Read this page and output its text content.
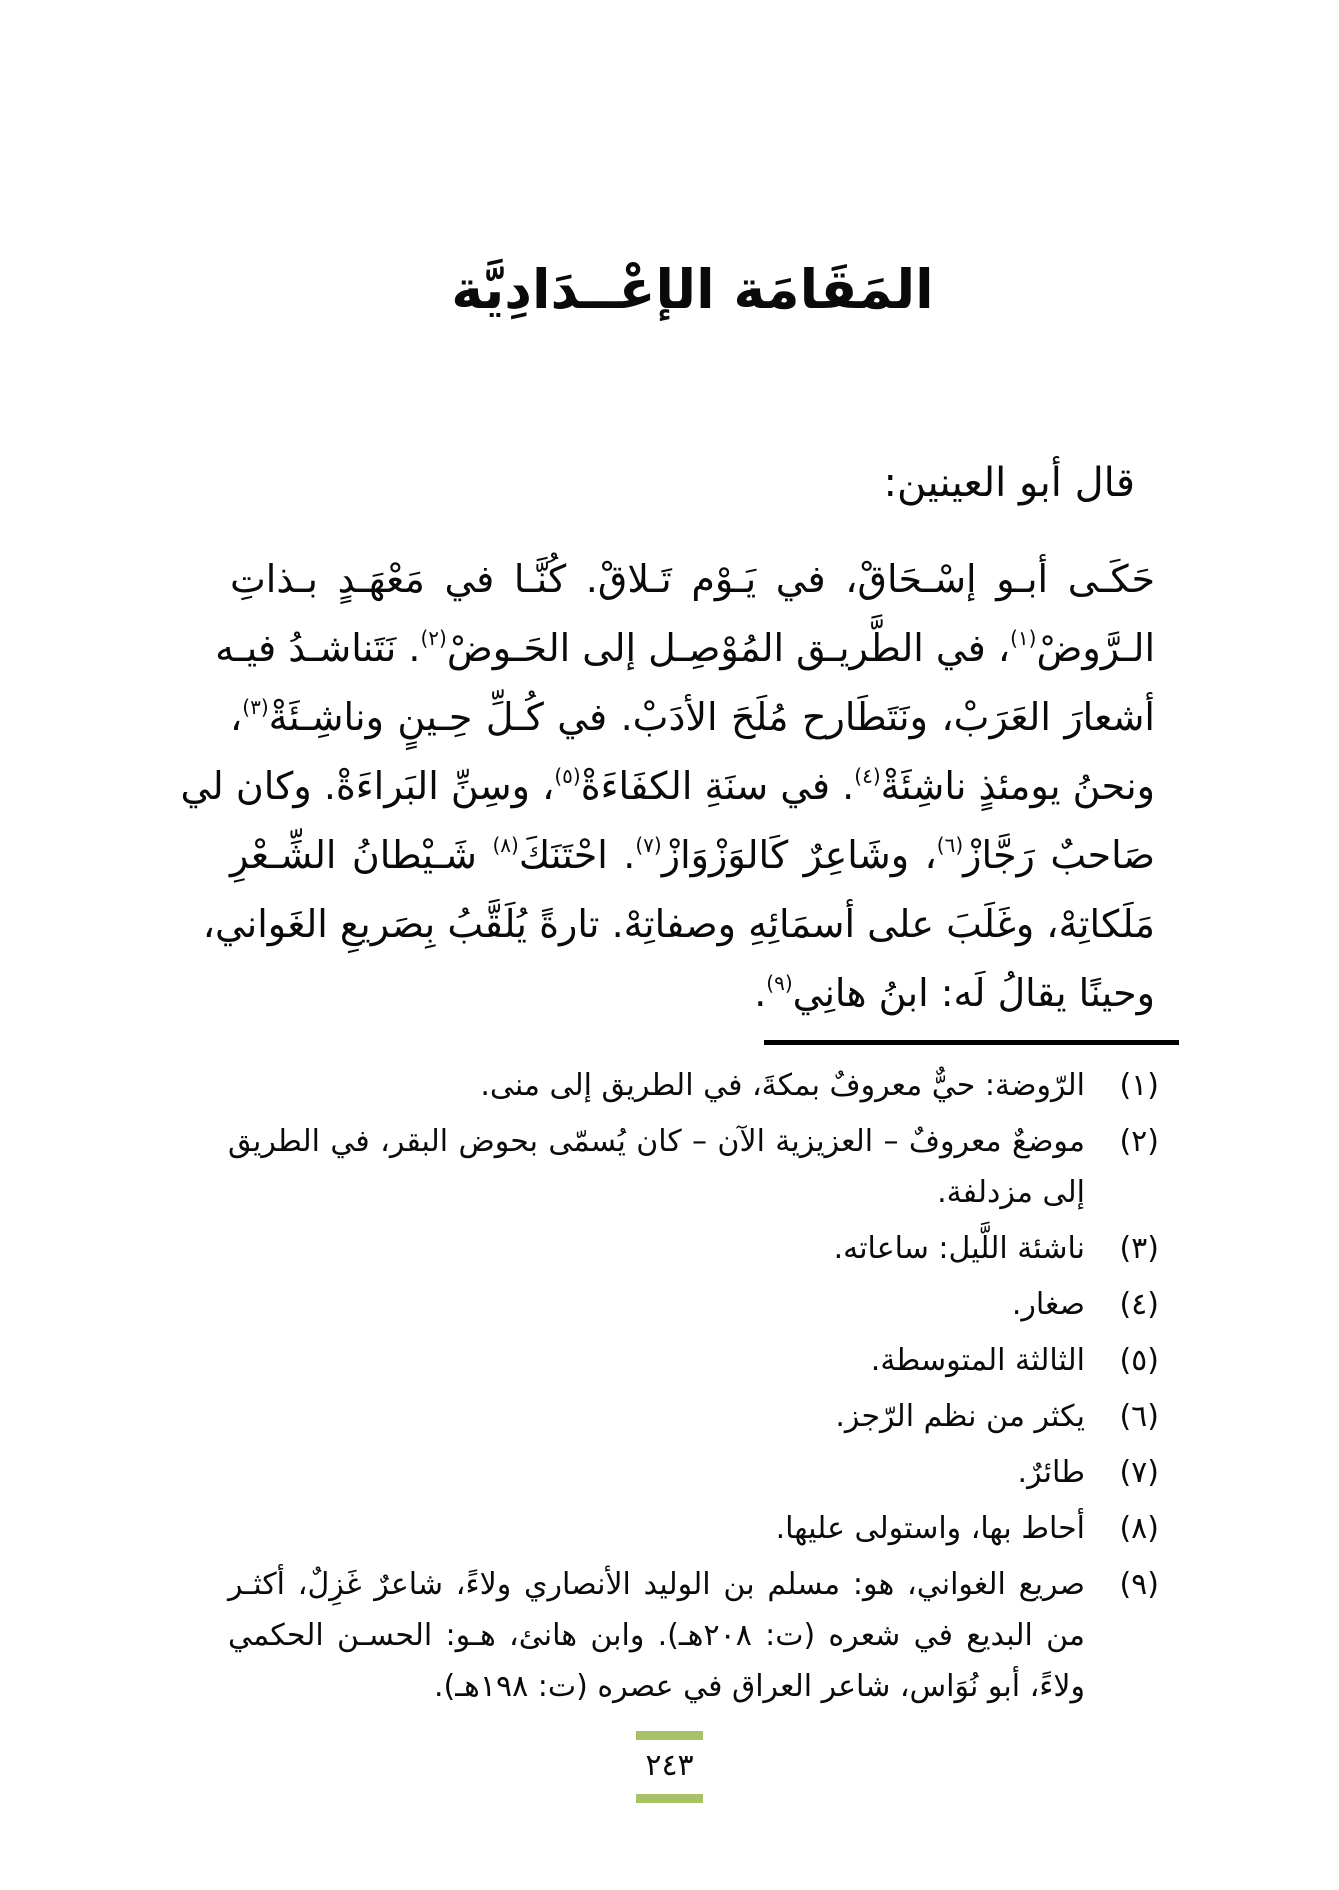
المَقَامَة الإعْــدَادِيَّة
قال أبو العينين:
حَكَـى أبـو إسْـحَاقْ، في يَـوْم تَـلاقْ. كُنَّـا في مَعْهَـدٍ بـذاتِ
الـرَّوضْ$^{(١)}$، في الطَّريـق المُوْصِـل إلى الحَـوضْ$^{(٢)}$. نَتَناشـدُ فيـه
أشعارَ العَرَبْ، ونَتَطَارح مُلَحَ الأدَبْ. في كُـلِّ حِـينٍ وناشِـئَةْ$^{(٣)}$،
ونحنُ يومئذٍ ناشِئَةْ$^{(٤)}$. في سنَةِ الكفَاءَةْ$^{(٥)}$، وسِنِّ البَراءَةْ. وكان لي
صَاحبٌ رَجَّازْ$^{(٦)}$، وشَاعِرٌ كَالوَزْوَازْ$^{(٧)}$. احْتَنَكَ$^{(٨)}$ شَـيْطانُ الشِّـعْرِ
مَلَكاتِهْ، وغَلَبَ على أسمَائِهِ وصفاتِهْ. تارةً يُلَقَّبُ بِصَريعِ الغَواني،
وحينًا يقالُ لَه: ابنُ هانِي$^{(٩)}$.
(١)
الرّوضة: حيٌّ معروفٌ بمكةَ، في الطريق إلى منى.
(٢)
موضعٌ معروفٌ – العزيزية الآن – كان يُسمّى بحوض البقر، في الطريق إلى مزدلفة.
(٣)
ناشئة اللَّيل: ساعاته.
(٤)
صغار.
(٥)
الثالثة المتوسطة.
(٦)
يكثر من نظم الرّجز.
(٧)
طائرٌ.
(٨)
أحاط بها، واستولى عليها.
(٩)
صريع الغواني، هو: مسلم بن الوليد الأنصاري ولاءً، شاعرٌ غَزِلٌ، أكثـر من البديع في شعره (ت: ٢٠٨هـ). وابن هانئ، هـو: الحسـن الحكمي ولاءً، أبو نُوَاس، شاعر العراق في عصره (ت: ١٩٨هـ).
٢٤٣
